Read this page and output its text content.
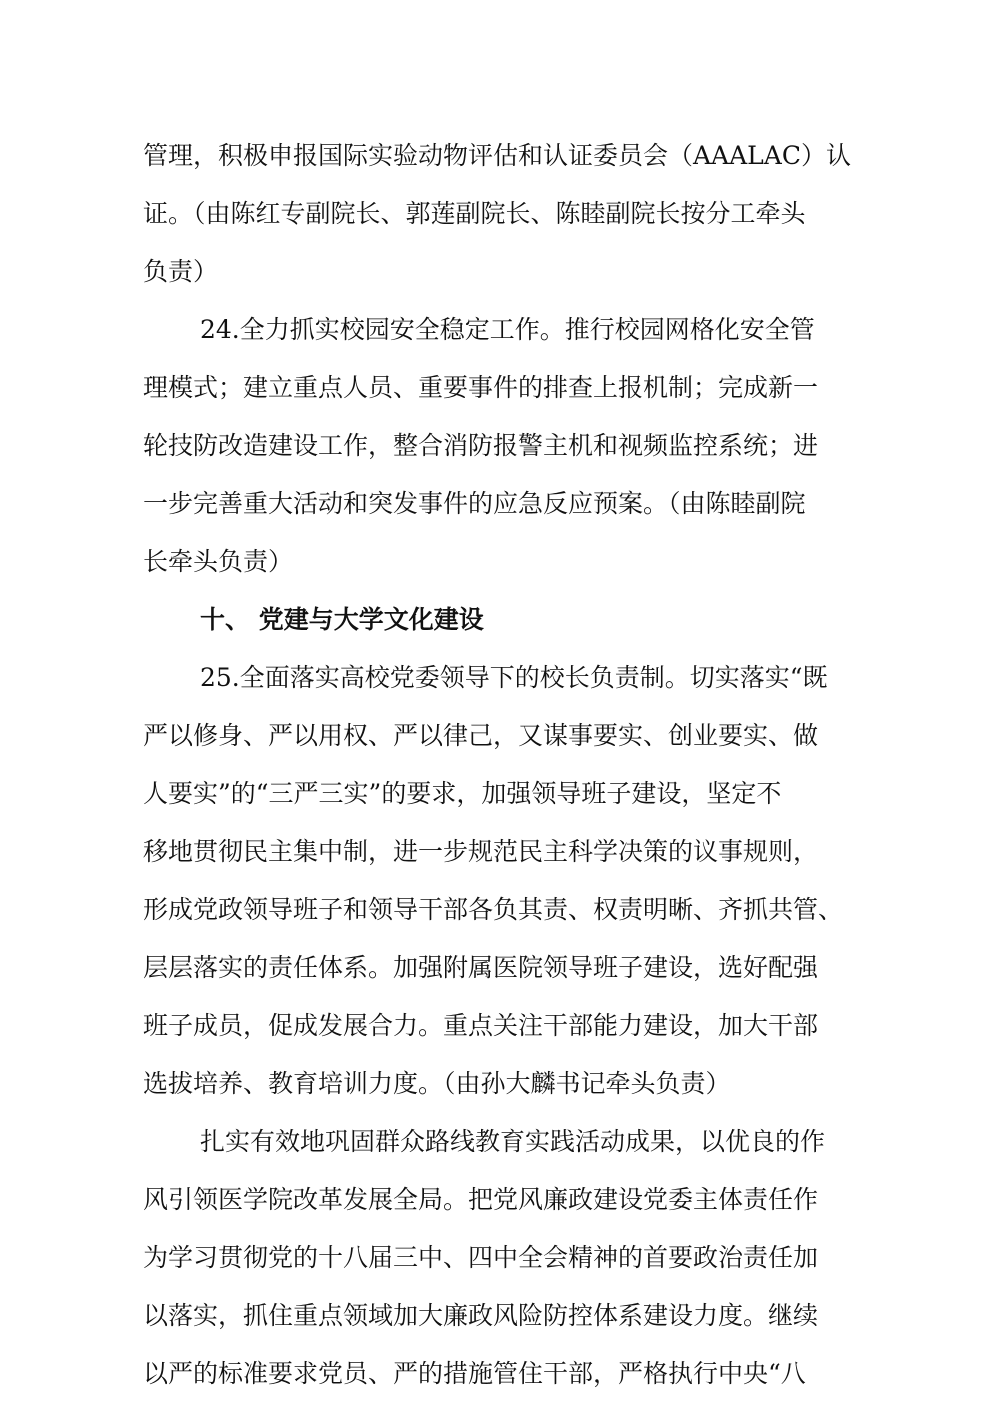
管理，积极申报国际实验动物评估和认证委员会（AAALAC）认
证。（由陈红专副院长、郭莲副院长、陈睦副院长按分工牵头
负责）
24.全力抓实校园安全稳定工作。推行校园网格化安全管
理模式；建立重点人员、重要事件的排查上报机制；完成新一
轮技防改造建设工作，整合消防报警主机和视频监控系统；进
一步完善重大活动和突发事件的应急反应预案。（由陈睦副院
长牵头负责）
十、 党建与大学文化建设
25.全面落实高校党委领导下的校长负责制。切实落实“既
严以修身、严以用权、严以律己，又谋事要实、创业要实、做
人要实”的“三严三实”的要求，加强领导班子建设，坚定不
移地贯彻民主集中制，进一步规范民主科学决策的议事规则，
形成党政领导班子和领导干部各负其责、权责明晰、齐抓共管、
层层落实的责任体系。加强附属医院领导班子建设，选好配强
班子成员，促成发展合力。重点关注干部能力建设，加大干部
选拔培养、教育培训力度。（由孙大麟书记牵头负责）
扎实有效地巩固群众路线教育实践活动成果，以优良的作
风引领医学院改革发展全局。把党风廉政建设党委主体责任作
为学习贯彻党的十八届三中、四中全会精神的首要政治责任加
以落实，抓住重点领域加大廉政风险防控体系建设力度。继续
以严的标准要求党员、严的措施管住干部，严格执行中央“八
